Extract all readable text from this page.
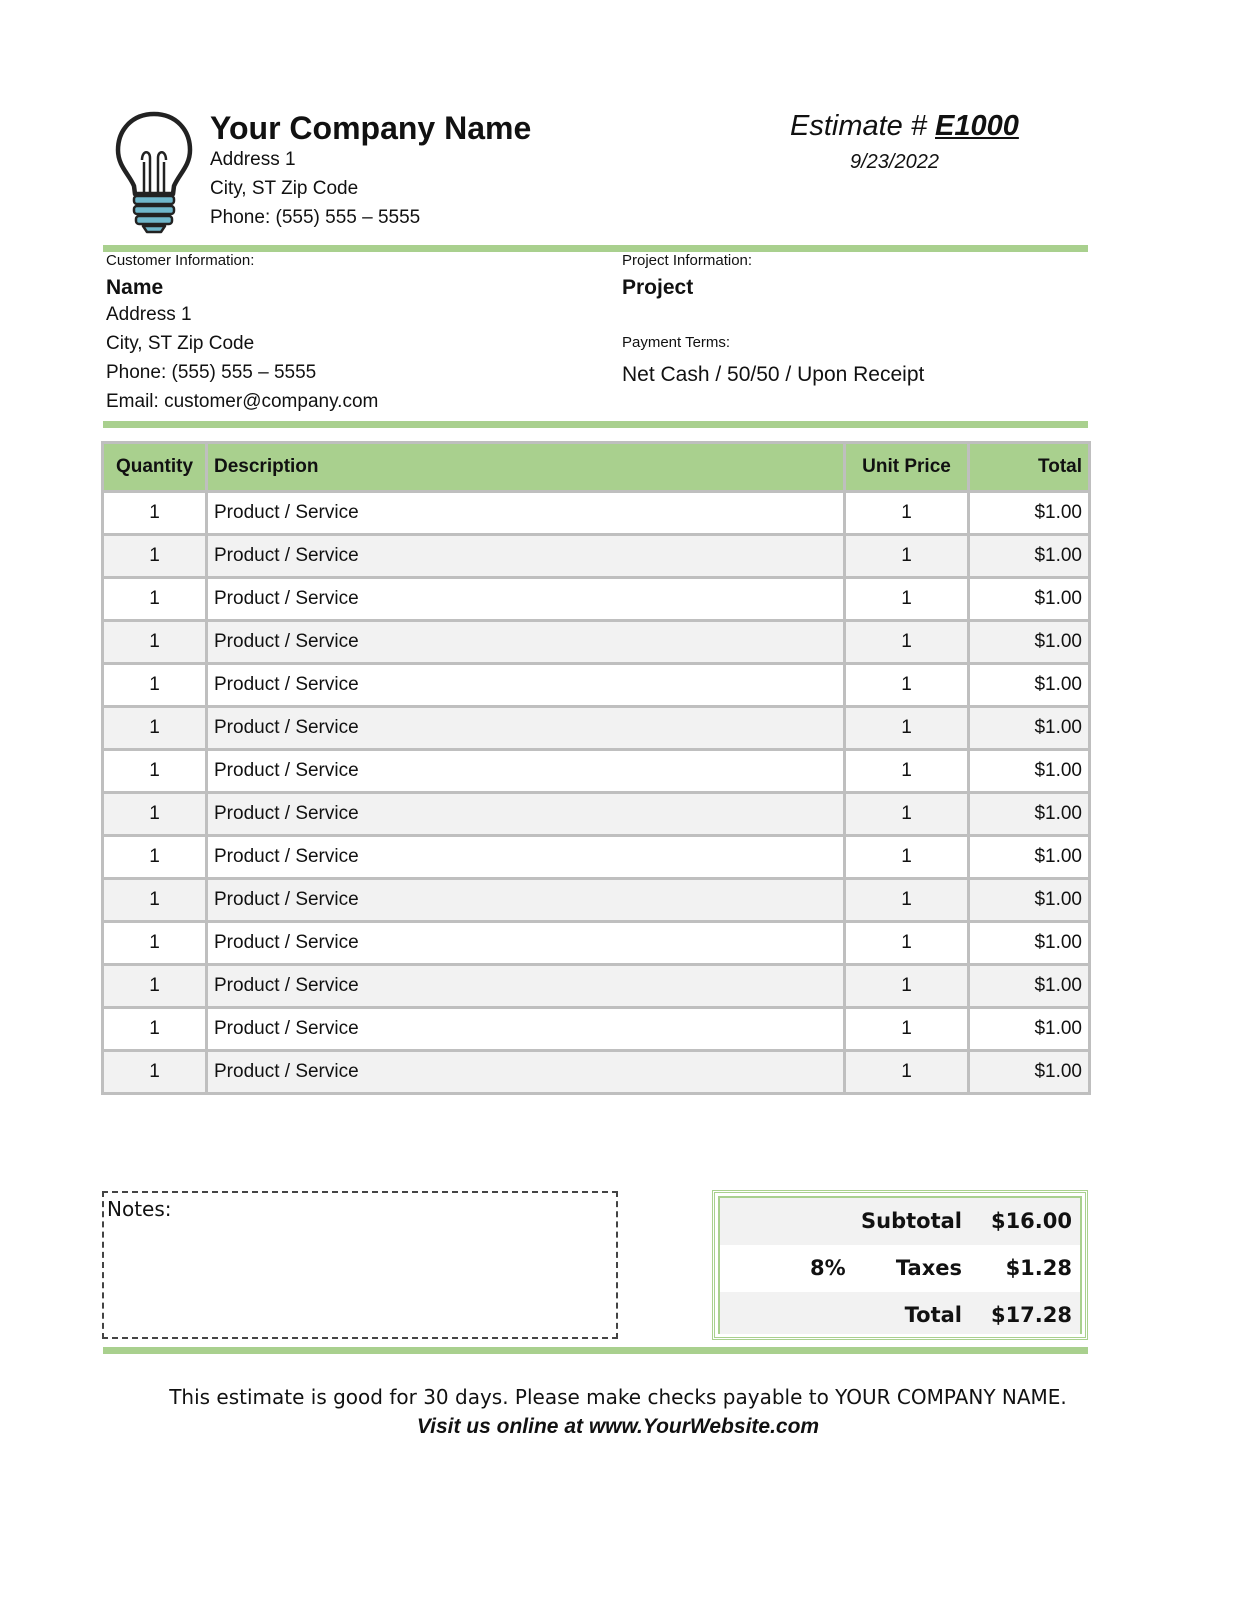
Your Company Name
Address 1
City, ST Zip Code
Phone: (555) 555 – 5555
Estimate # E1000
9/23/2022
Customer Information:
Name
Address 1
City, ST Zip Code
Phone: (555) 555 – 5555
Email: customer@company.com
Project Information:
Project
Payment Terms:
Net Cash / 50/50 / Upon Receipt
Quantity	Description	Unit Price	Total
1	Product / Service	1	$1.00
1	Product / Service	1	$1.00
1	Product / Service	1	$1.00
1	Product / Service	1	$1.00
1	Product / Service	1	$1.00
1	Product / Service	1	$1.00
1	Product / Service	1	$1.00
1	Product / Service	1	$1.00
1	Product / Service	1	$1.00
1	Product / Service	1	$1.00
1	Product / Service	1	$1.00
1	Product / Service	1	$1.00
1	Product / Service	1	$1.00
1	Product / Service	1	$1.00
Notes:	Subtotal $16.00
8% Taxes $1.28
Total $17.28
This estimate is good for 30 days. Please make checks payable to YOUR COMPANY NAME.
Visit us online at www.YourWebsite.com
